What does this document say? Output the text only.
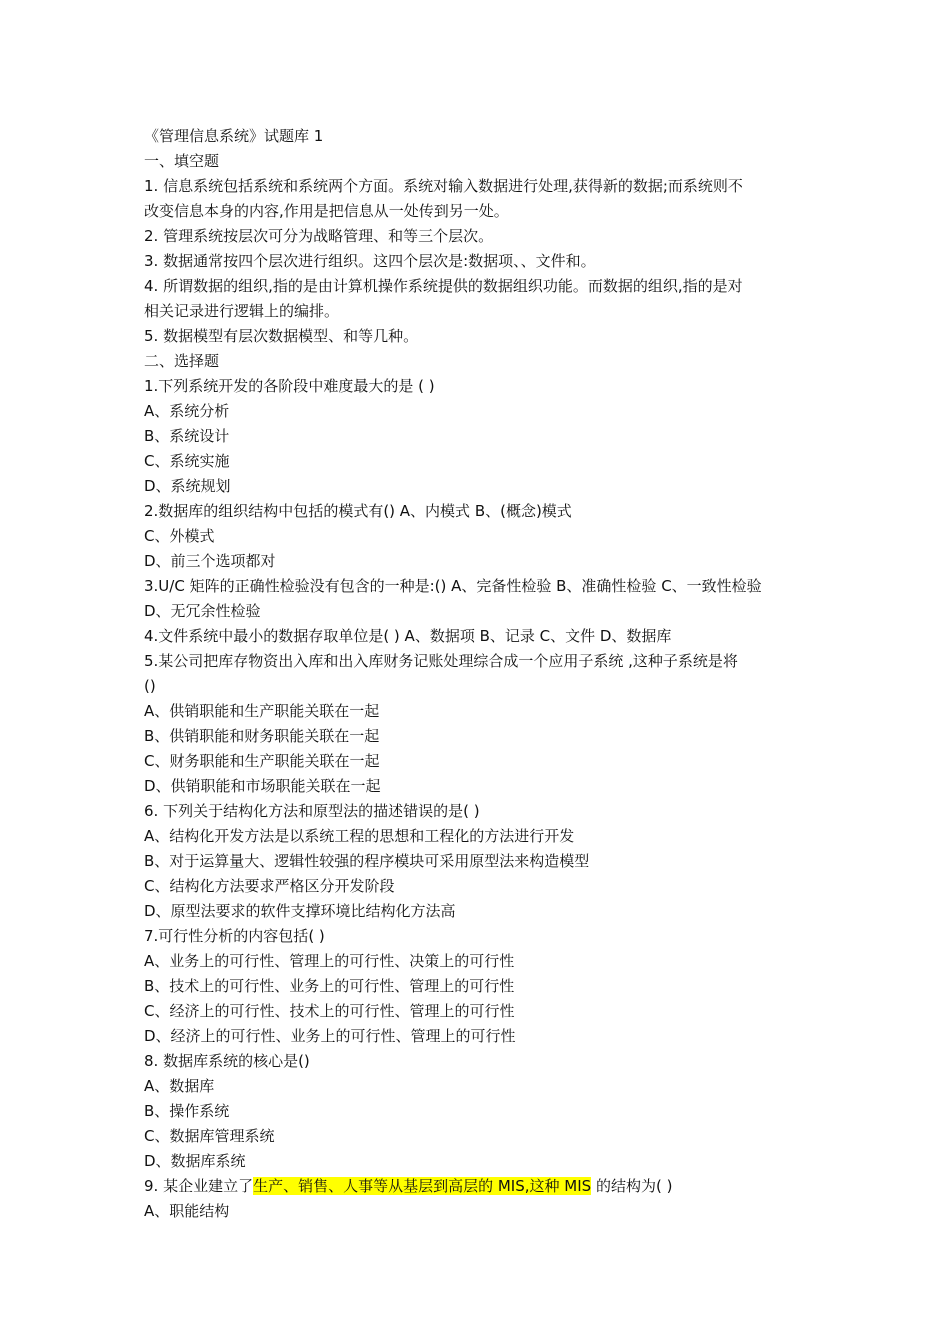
《管理信息系统》试题库 1
一、填空题
1. 信息系统包括系统和系统两个方面。系统对输入数据进行处理,获得新的数据;而系统则不
改变信息本身的内容,作用是把信息从一处传到另一处。
2. 管理系统按层次可分为战略管理、和等三个层次。
3. 数据通常按四个层次进行组织。这四个层次是:数据项、、文件和。
4. 所谓数据的组织,指的是由计算机操作系统提供的数据组织功能。而数据的组织,指的是对
相关记录进行逻辑上的编排。
5. 数据模型有层次数据模型、和等几种。
二、选择题
1.下列系统开发的各阶段中难度最大的是 ( )
A、系统分析
B、系统设计
C、系统实施
D、系统规划
2.数据库的组织结构中包括的模式有() A、内模式 B、(概念)模式
C、外模式
D、前三个选项都对
3.U/C 矩阵的正确性检验没有包含的一种是:() A、完备性检验 B、准确性检验 C、一致性检验
D、无冗余性检验
4.文件系统中最小的数据存取单位是( ) A、数据项 B、记录 C、文件 D、数据库
5.某公司把库存物资出入库和出入库财务记账处理综合成一个应用子系统 ,这种子系统是将
()
A、供销职能和生产职能关联在一起
B、供销职能和财务职能关联在一起
C、财务职能和生产职能关联在一起
D、供销职能和市场职能关联在一起
6. 下列关于结构化方法和原型法的描述错误的是( )
A、结构化开发方法是以系统工程的思想和工程化的方法进行开发
B、对于运算量大、逻辑性较强的程序模块可采用原型法来构造模型
C、结构化方法要求严格区分开发阶段
D、原型法要求的软件支撑环境比结构化方法高
7.可行性分析的内容包括( )
A、业务上的可行性、管理上的可行性、决策上的可行性
B、技术上的可行性、业务上的可行性、管理上的可行性
C、经济上的可行性、技术上的可行性、管理上的可行性
D、经济上的可行性、业务上的可行性、管理上的可行性
8. 数据库系统的核心是()
A、数据库
B、操作系统
C、数据库管理系统
D、数据库系统
9. 某企业建立了生产、销售、人事等从基层到高层的 MIS,这种 MIS 的结构为( )
A、职能结构
